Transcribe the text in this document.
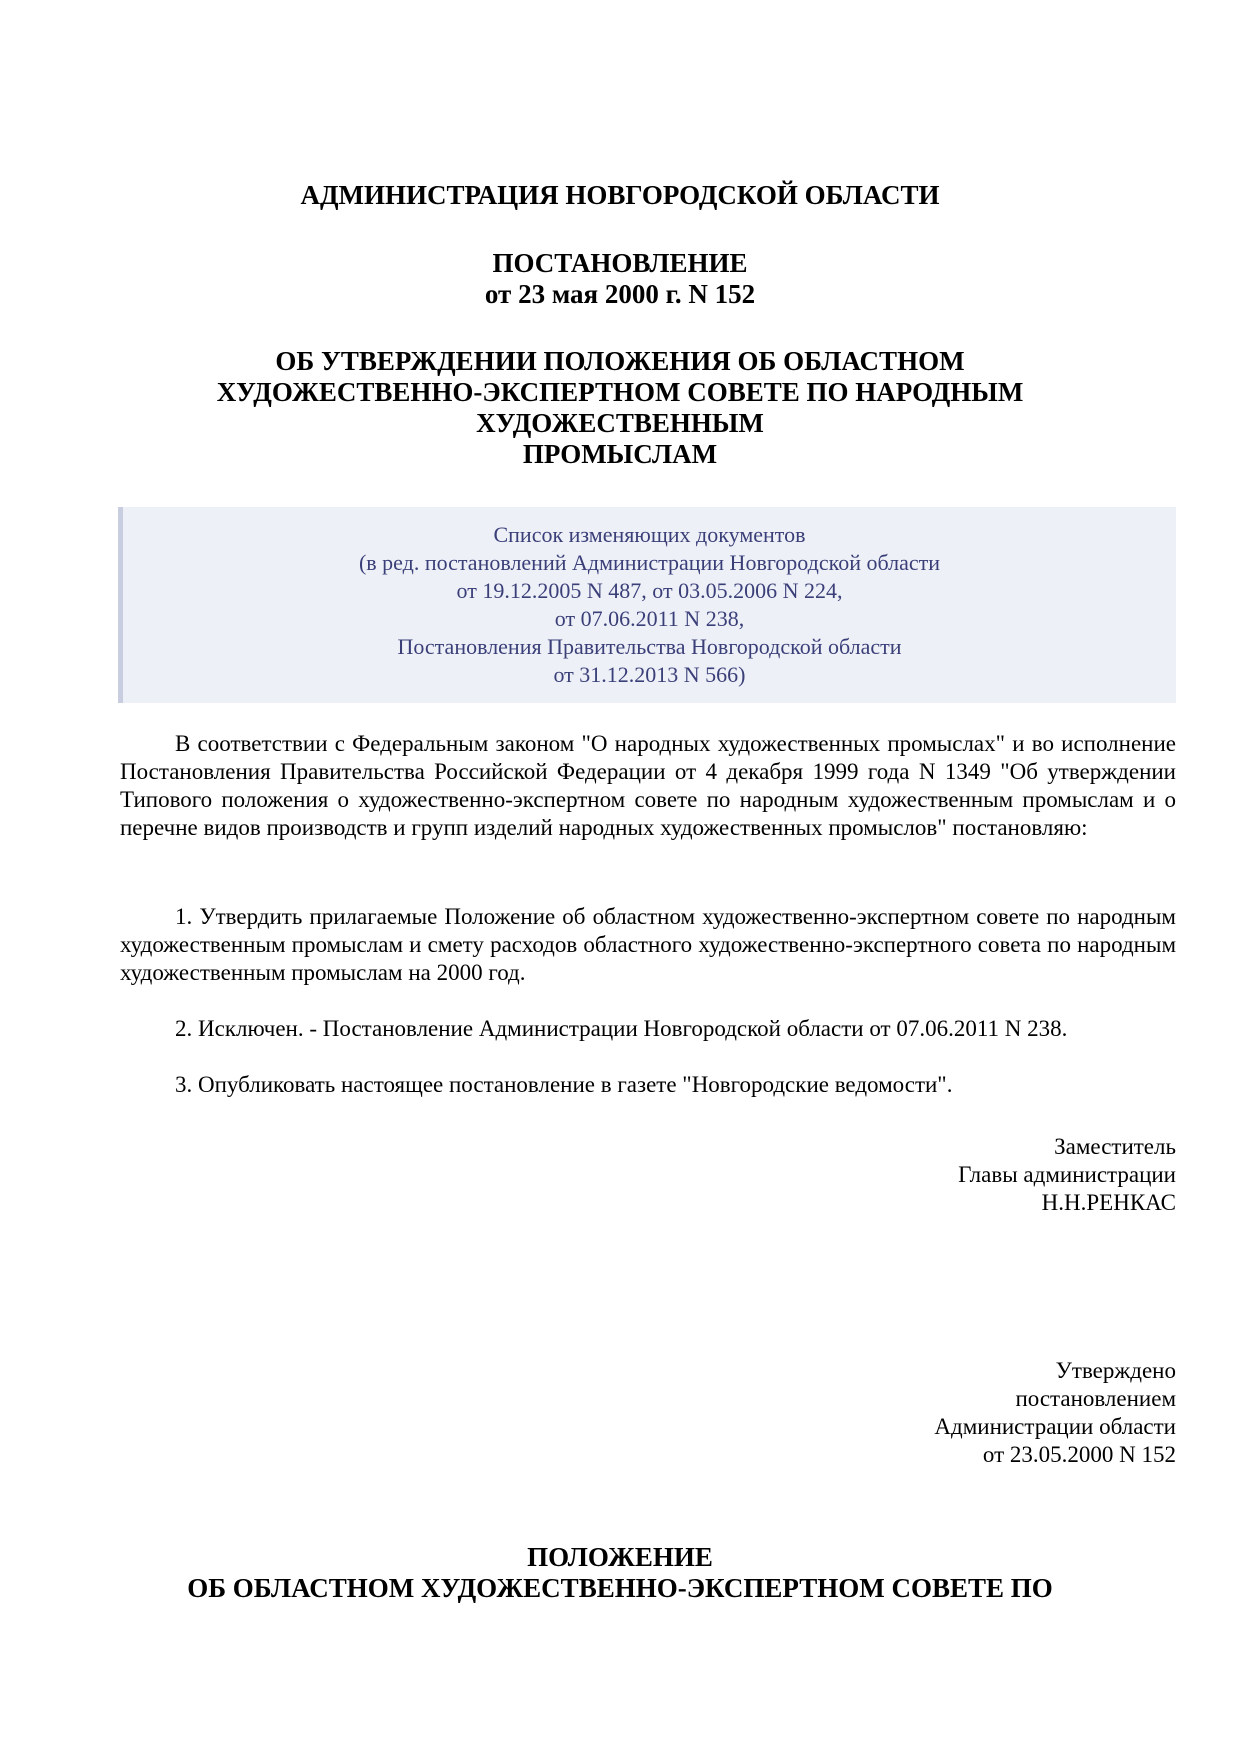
АДМИНИСТРАЦИЯ НОВГОРОДСКОЙ ОБЛАСТИ
ПОСТАНОВЛЕНИЕ
от 23 мая 2000 г. N 152
ОБ УТВЕРЖДЕНИИ ПОЛОЖЕНИЯ ОБ ОБЛАСТНОМ
ХУДОЖЕСТВЕННО-ЭКСПЕРТНОМ СОВЕТЕ ПО НАРОДНЫМ
ХУДОЖЕСТВЕННЫМ
ПРОМЫСЛАМ
Список изменяющих документов
(в ред. постановлений Администрации Новгородской области
от 19.12.2005 N 487, от 03.05.2006 N 224,
от 07.06.2011 N 238,
Постановления Правительства Новгородской области
от 31.12.2013 N 566)
В соответствии с Федеральным законом "О народных художественных промыслах" и во исполнение Постановления Правительства Российской Федерации от 4 декабря 1999 года N 1349 "Об утверждении Типового положения о художественно-экспертном совете по народным художественным промыслам и о перечне видов производств и групп изделий народных художественных промыслов" постановляю:
1. Утвердить прилагаемые Положение об областном художественно-экспертном совете по народным художественным промыслам и смету расходов областного художественно-экспертного совета по народным художественным промыслам на 2000 год.
2. Исключен. - Постановление Администрации Новгородской области от 07.06.2011 N 238.
3. Опубликовать настоящее постановление в газете "Новгородские ведомости".
Заместитель
Главы администрации
Н.Н.РЕНКАС
Утверждено
постановлением
Администрации области
от 23.05.2000 N 152
ПОЛОЖЕНИЕ
ОБ ОБЛАСТНОМ ХУДОЖЕСТВЕННО-ЭКСПЕРТНОМ СОВЕТЕ ПО
